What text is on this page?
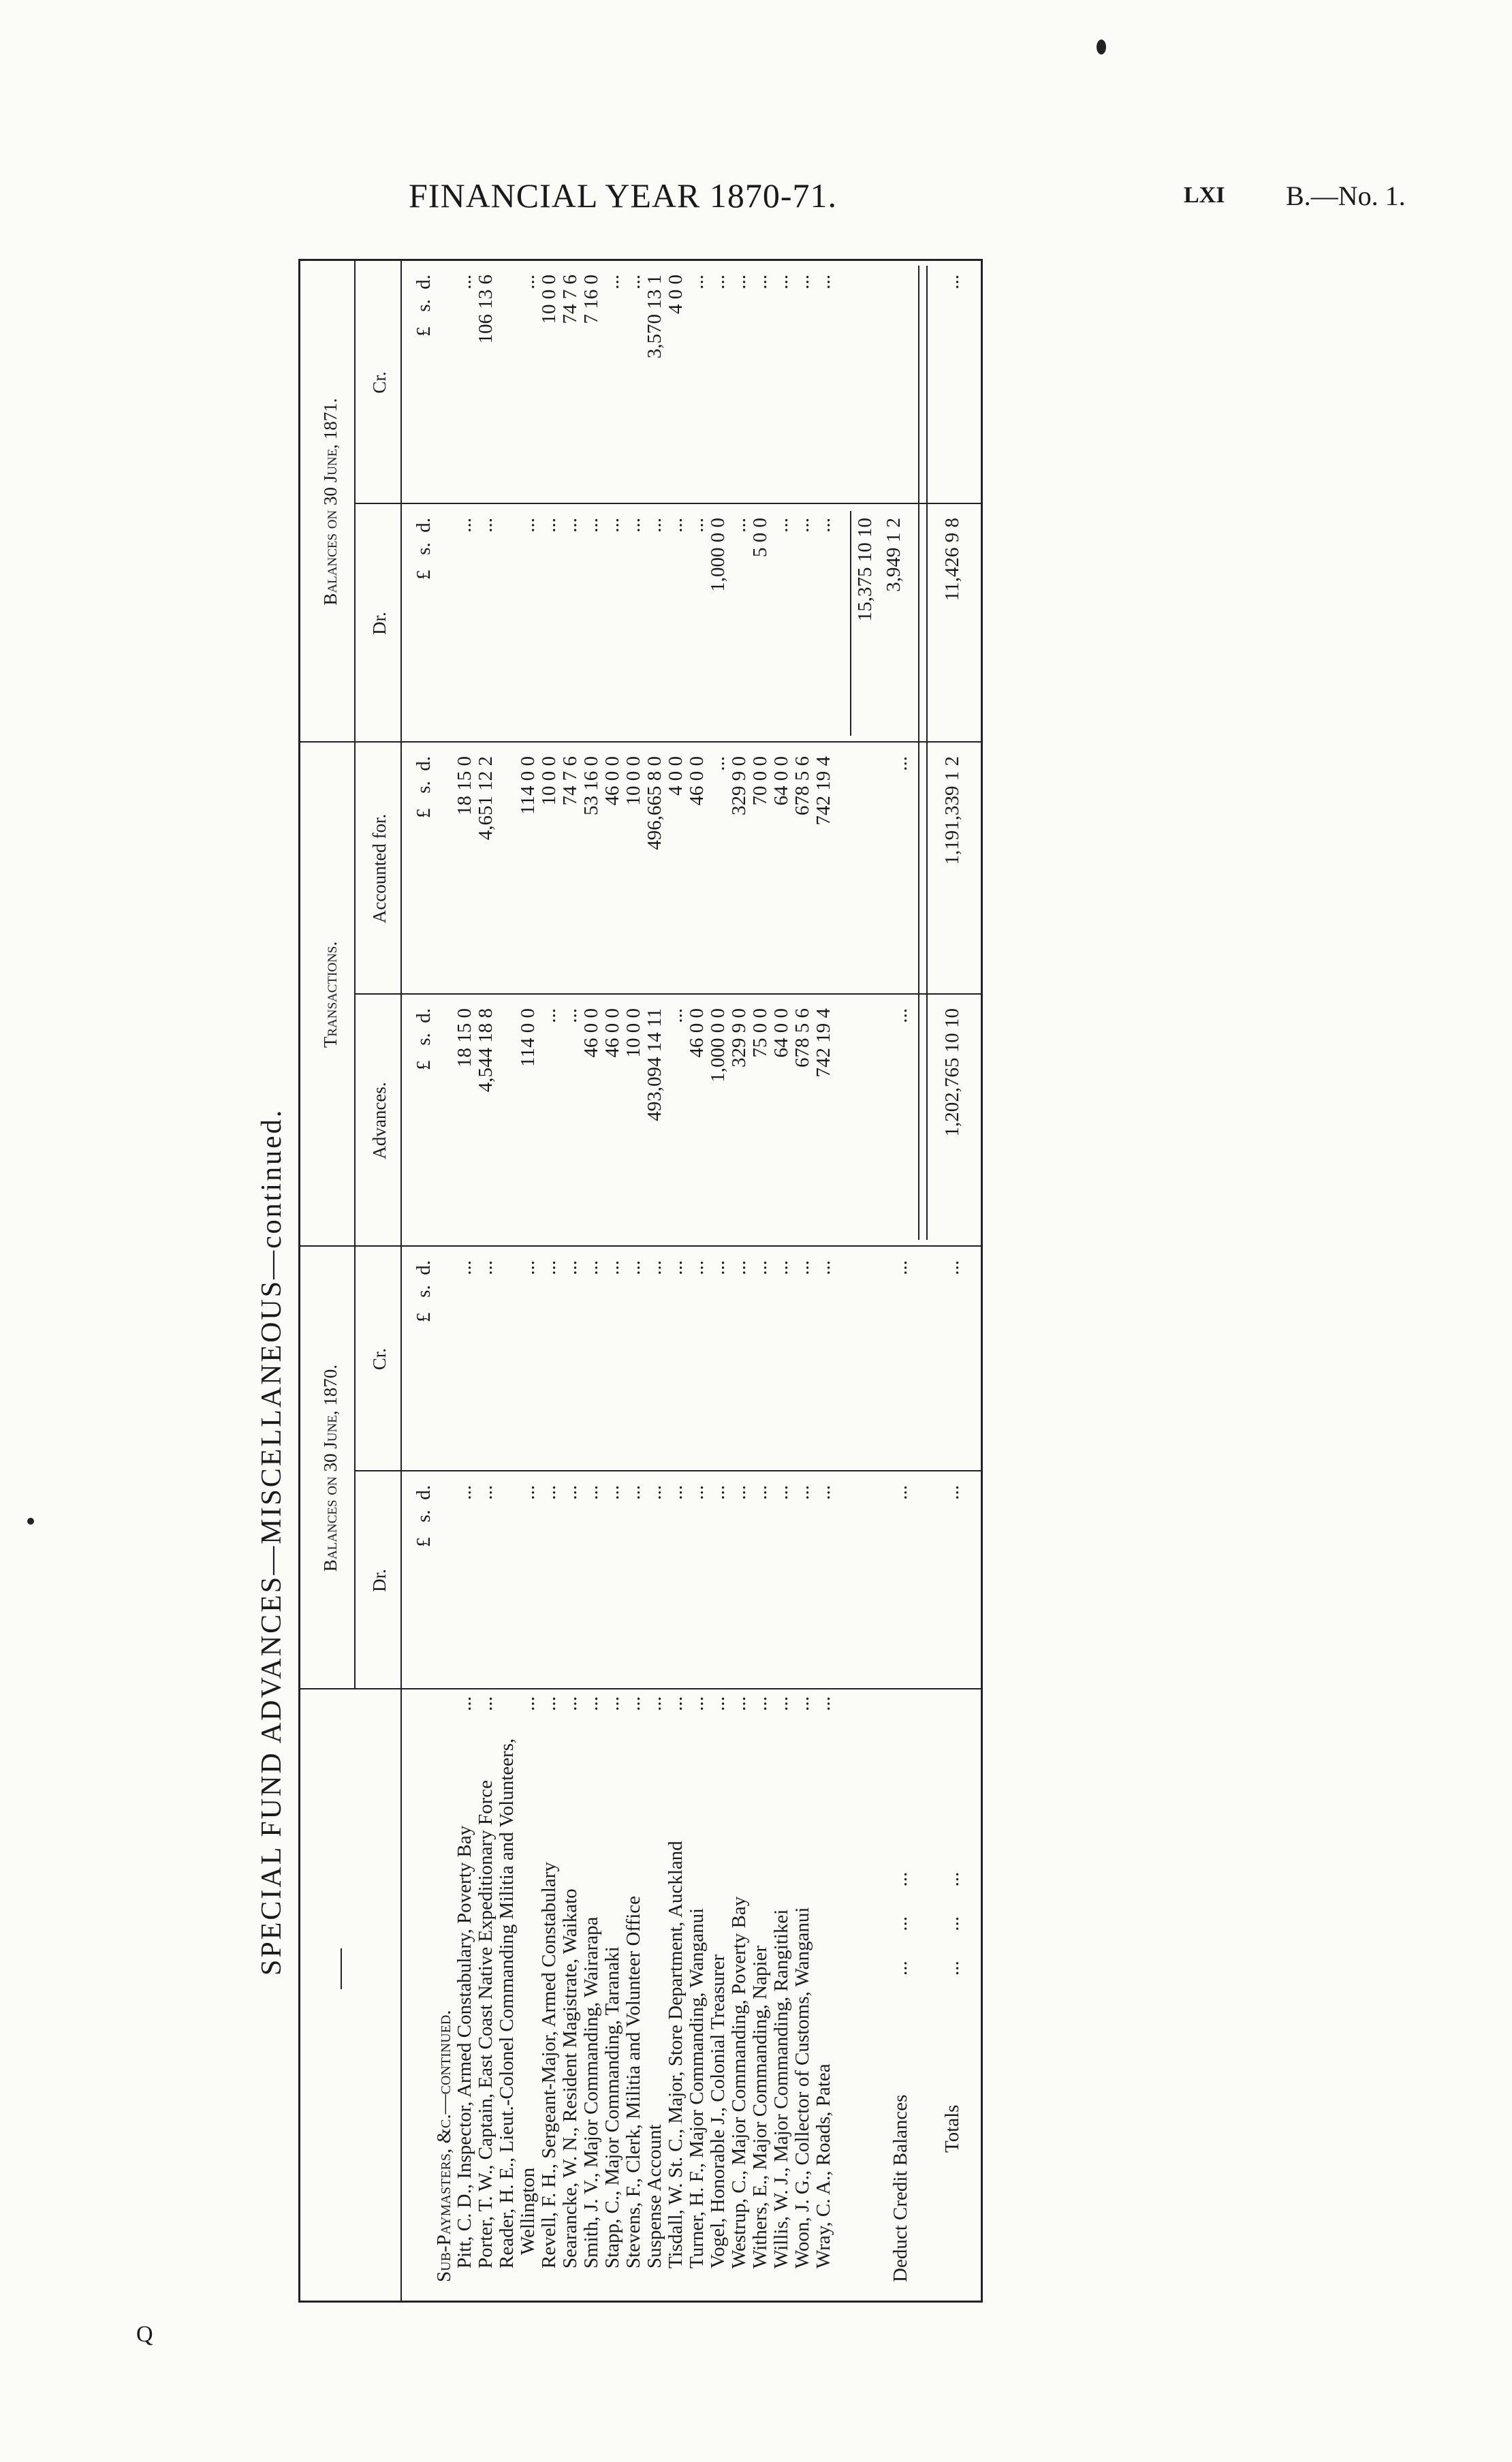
FINANCIAL YEAR 1870-71.	LXI B.—No. 1.
Q
SPECIAL FUND ADVANCES—MISCELLANEOUS—continued. Balances on 30 June, 1870.
Transactions.
Balances on 30 June, 1871.
Dr.
Cr.
Advances.
Accounted for.
Dr.
Cr.
£   s.  d.
£   s.  d.
£   s.  d.
£   s.  d.
£   s.  d.
£   s.  d.
Sub-Paymasters, &c.—continued.
Pitt, C. D., Inspector, Armed Constabulary, Poverty Bay
...
...
...
18 15 0
18 15 0
...
...
Porter, T. W., Captain, East Coast Native Expeditionary Force
...
...
...
4,544 18 8
4,651 12 2
...
106 13 6
Reader, H. E., Lieut.-Colonel Commanding Militia and Volunteers, Wellington
...
...
...
114 0 0
114 0 0
...
...
Revell, F. H., Sergeant-Major, Armed Constabulary
...
...
...
...
10 0 0
...
10 0 0
Searancke, W. N., Resident Magistrate, Waikato
...
...
...
...
74 7 6
...
74 7 6
Smith, J. V., Major Commanding, Wairarapa
...
...
...
46 0 0
53 16 0
...
7 16 0
Stapp, C., Major Commanding, Taranaki
...
...
...
46 0 0
46 0 0
...
...
Stevens, F., Clerk, Militia and Volunteer Office
...
...
...
10 0 0
10 0 0
...
...
Suspense Account
...
...
...
493,094 14 11
496,665 8 0
...
3,570 13 1
Tisdall, W. St. C., Major, Store Department, Auckland
...
...
...
...
4 0 0
...
4 0 0
Turner, H. F., Major Commanding, Wanganui
...
...
...
46 0 0
46 0 0
...
...
Vogel, Honorable J., Colonial Treasurer
...
...
...
1,000 0 0
...
1,000 0 0
...
Westrup, C., Major Commanding, Poverty Bay
...
...
...
329 9 0
329 9 0
...
...
Withers, E., Major Commanding, Napier
...
...
...
75 0 0
70 0 0
5 0 0
...
Willis, W. J., Major Commanding, Rangitikei
...
...
...
64 0 0
64 0 0
...
...
Woon, J. G., Collector of Customs, Wanganui
...
...
...
678 5 6
678 5 6
...
...
Wray, C. A., Roads, Patea
...
...
...
742 19 4
742 19 4
...
...
15,375 10 10
Deduct Credit Balances
...      ...      ...
...
...
...
...
3,949 1 2
Totals
...      ...      ...
...
...
1,202,765 10 10
1,191,339 1 2
11,426 9 8
...
